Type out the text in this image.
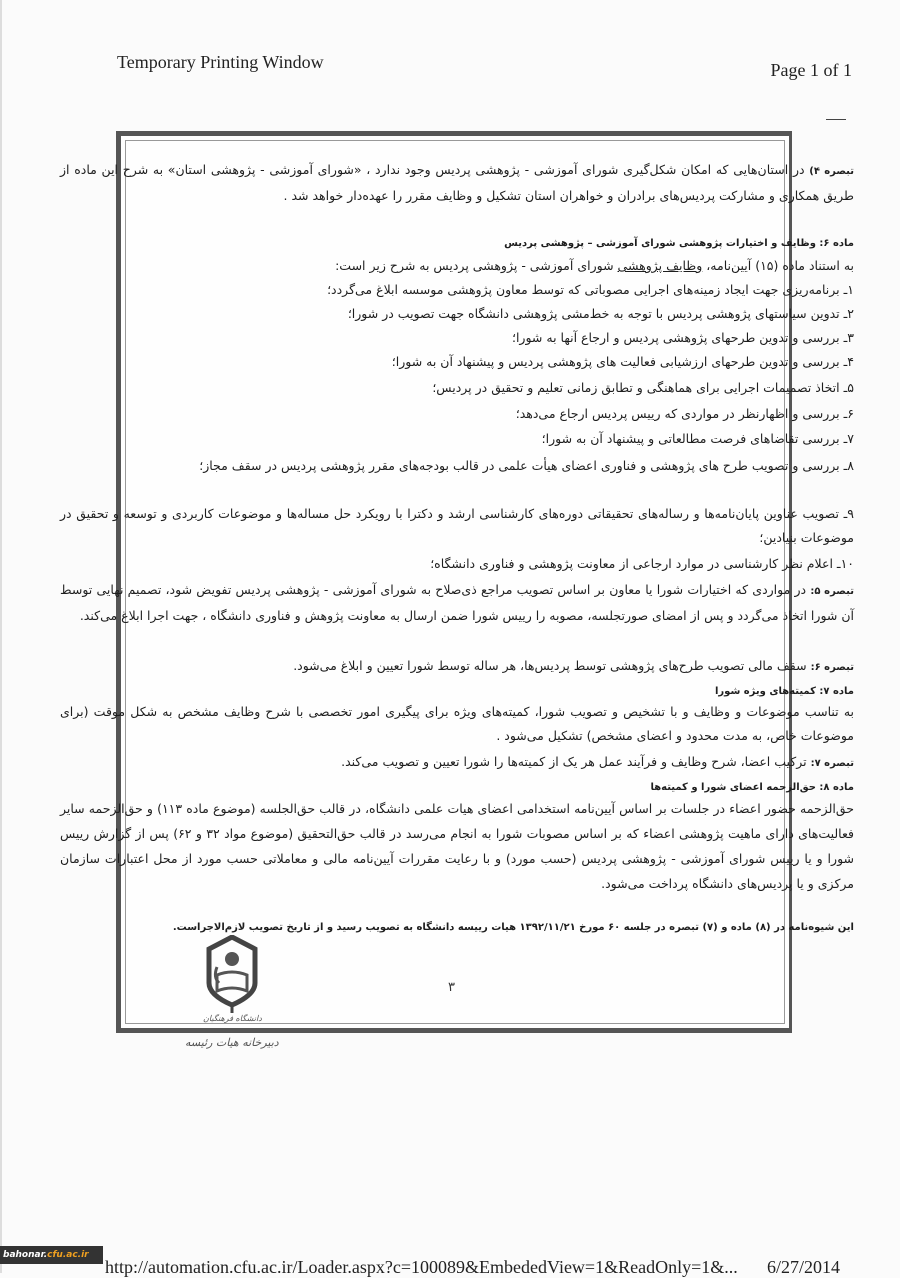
Temporary Printing Window	Page 1 of 1

تبصره ۴) در استان‌هایی که امکان شکل‌گیری شورای آموزشی - پژوهشی پردیس وجود ندارد ، «شورای آموزشی - پژوهشی استان» به شرح این ماده از طریق همکاری و مشارکت پردیس‌های برادران و خواهران استان تشکیل و وظایف مقرر را عهده‌دار خواهد شد .

ماده ۶: وظایف و اختیارات پژوهشی شورای آموزشی – پژوهشی پردیس

به استناد ماده (۱۵) آیین‌نامه، وظایف پژوهشی شورای آموزشی - پژوهشی پردیس به شرح زیر است:

۱ـ برنامه‌ریزی جهت ایجاد زمینه‌های اجرایی مصوباتی که توسط معاون پژوهشی موسسه ابلاغ می‌گردد؛

۲ـ تدوین سیاستهای پژوهشی پردیس با توجه به خط‌مشی پژوهشی دانشگاه جهت تصویب در شورا؛

۳ـ بررسی و تدوین طرحهای پژوهشی پردیس و ارجاع آنها به شورا؛

۴ـ بررسی و تدوین طرحهای ارزشیابی فعالیت های پژوهشی پردیس و پیشنهاد آن به شورا؛

۵ـ اتخاذ تصمیمات اجرایی برای هماهنگی و تطابق زمانی تعلیم و تحقیق در پردیس؛

۶ـ بررسی و اظهارنظر در مواردی که رییس پردیس ارجاع می‌دهد؛

۷ـ بررسی تقاضاهای فرصت مطالعاتی و پیشنهاد آن به شورا؛

۸ـ بررسی و تصویب طرح های پژوهشی و فناوری اعضای هیأت علمی در قالب بودجه‌های مقرر پژوهشی پردیس در سقف مجاز؛

۹ـ تصویب عناوین پایان‌نامه‌ها و رساله‌های تحقیقاتی دوره‌های کارشناسی ارشد و دکترا با رویکرد حل مساله‌ها و موضوعات کاربردی و توسعه و تحقیق در موضوعات بنیادین؛

۱۰ـ اعلام نظر کارشناسی در موارد ارجاعی از معاونت پژوهشی و فناوری دانشگاه؛

تبصره ۵: در مواردی که اختیارات شورا یا معاون بر اساس تصویب مراجع ذی‌صلاح به شورای آموزشی - پژوهشی پردیس تفویض شود، تصمیم نهایی توسط آن شورا اتخاذ می‌گردد و پس از امضای صورتجلسه، مصوبه را رییس شورا ضمن ارسال به معاونت پژوهش و فناوری دانشگاه ، جهت اجرا ابلاغ می‌کند.

تبصره ۶: سقف مالی تصویب طرح‌های پژوهشی توسط پردیس‌ها، هر ساله توسط شورا تعیین و ابلاغ می‌شود.

ماده ۷: کمیته‌های ویژه شورا

به تناسب موضوعات و وظایف و با تشخیص و تصویب شورا، کمیته‌های ویژه برای پیگیری امور تخصصی با شرح وظایف مشخص به شکل موقت (برای موضوعات خاص، به مدت محدود و اعضای مشخص) تشکیل می‌شود .

تبصره ۷: ترکیب اعضا، شرح وظایف و فرآیند عمل هر یک از کمیته‌ها را شورا تعیین و تصویب می‌کند.

ماده ۸: حق‌الزحمه اعضای شورا و کمیته‌ها

حق‌الزحمه حضور اعضاء در جلسات بر اساس آیین‌نامه استخدامی اعضای هیات علمی دانشگاه، در قالب حق‌الجلسه (موضوع ماده ۱۱۳) و حق‌الزحمه سایر فعالیت‌های دارای ماهیت پژوهشی اعضاء که بر اساس مصوبات شورا به انجام می‌رسد در قالب حق‌التحقیق (موضوع مواد ۳۲ و ۶۲) پس از گزارش رییس شورا و یا رییس شورای آموزشی - پژوهشی پردیس (حسب مورد) و با رعایت مقررات آیین‌نامه مالی و معاملاتی حسب مورد از محل اعتبارات سازمان مرکزی و یا پردیس‌های دانشگاه پرداخت می‌شود.

این شیوه‌نامه در (۸) ماده و (۷) تبصره در جلسه ۶۰ مورخ ۱۳۹۲/۱۱/۲۱ هیات رییسه دانشگاه به تصویب رسید و از تاریخ تصویب لازم‌الاجراست.

دانشگاه فرهنگیان
۳
دبیرخانه هیات رئیسه
bahonar.cfu.ac.ir
http://automation.cfu.ac.ir/Loader.aspx?c=100089&EmbededView=1&ReadOnly=1&... 6/27/2014
